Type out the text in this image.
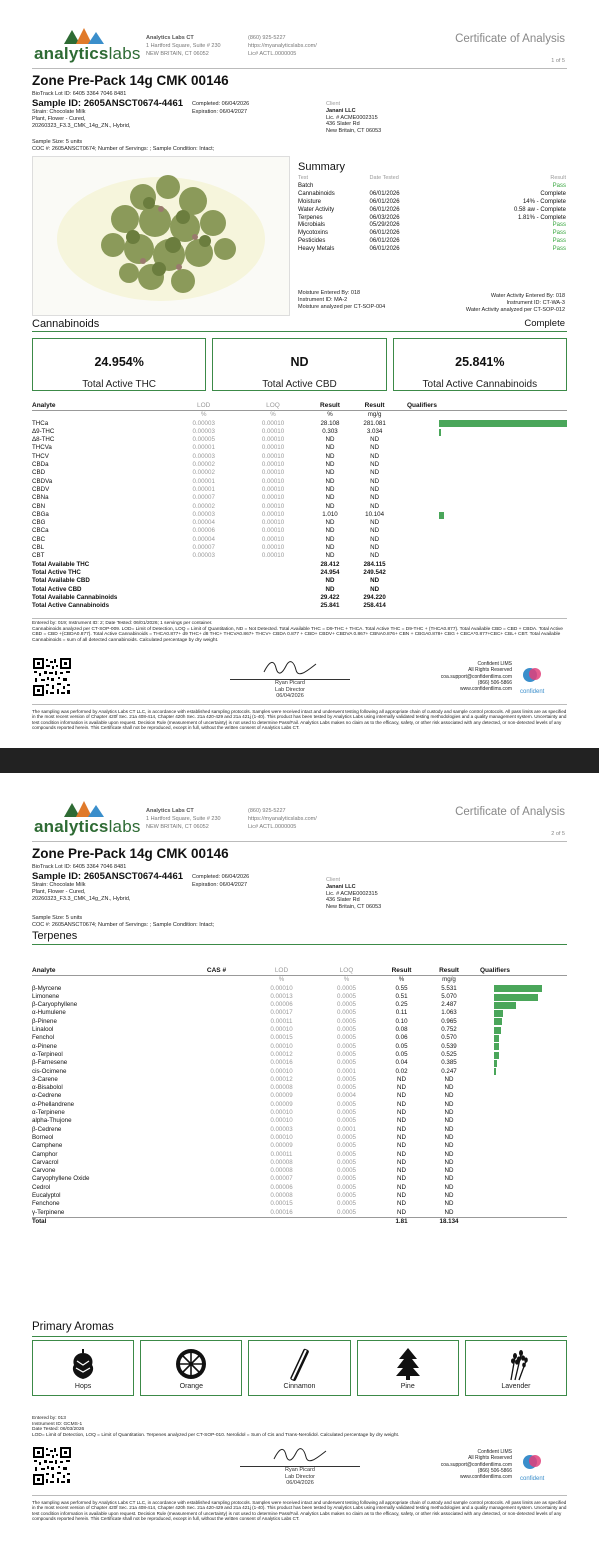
analyticslabs
Analytics Labs CT
1 Hartford Square, Suite # 230
NEW BRITAIN, CT 06052
(860) 925-5227
https://myanalyticslabs.com/
Lic# ACTL.0000005
Certificate of Analysis
1 of 5
Zone Pre-Pack 14g CMK 00146
BioTrack Lot ID: 6405 3364 7046 8481
Sample ID: 2605ANSCT0674-4461 Completed: 06/04/2026
Expiration: 06/04/2027
Strain: Chocolate Milk
Plant, Flower - Cured,
20260323_F3.3_CMK_14g_ZN., Hybrid,
Client
Janani LLC
Lic. # ACME0002315
436 Slater Rd
New Britain, CT 06053
Sample Size: 5 units
COC #: 2605ANSCT0674; Number of Servings: ; Sample Condition: Intact;
Summary
Test	Date Tested	Result
Batch		Pass
Cannabinoids	06/01/2026	Complete
Moisture	06/01/2026	14% - Complete
Water Activity	06/01/2026	0.58 aw - Complete
Terpenes	06/03/2026	1.81% - Complete
Microbials	05/29/2026	Pass
Mycotoxins	06/01/2026	Pass
Pesticides	06/01/2026	Pass
Heavy Metals	06/01/2026	Pass
Moisture Entered By: 018
Instrument ID: MA-2
Moisture analyzed per CT-SOP-004
Water Activity Entered By: 018
Instrument ID: CT-WA-3
Water Activity analyzed per CT-SOP-012
Cannabinoids	Complete
24.954%
Total Active THC
ND
Total Active CBD
25.841%
Total Active Cannabinoids
Analyte	LOD	LOQ	Result	Result	Qualifiers
	%	%	%	mg/g	
THCa	0.00003	0.00010	28.108	281.081	

Δ9-THC	0.00003	0.00010	0.303	3.034	

Δ8-THC	0.00005	0.00010	ND	ND	
THCVa	0.00001	0.00010	ND	ND	
THCV	0.00003	0.00010	ND	ND	
CBDa	0.00002	0.00010	ND	ND	
CBD	0.00002	0.00010	ND	ND	
CBDVa	0.00001	0.00010	ND	ND	
CBDV	0.00001	0.00010	ND	ND	
CBNa	0.00007	0.00010	ND	ND	
CBN	0.00002	0.00010	ND	ND	
CBGa	0.00003	0.00010	1.010	10.104	

CBG	0.00004	0.00010	ND	ND	
CBCa	0.00006	0.00010	ND	ND	
CBC	0.00004	0.00010	ND	ND	
CBL	0.00007	0.00010	ND	ND	
CBT	0.00003	0.00010	ND	ND	
Total Available THC			28.412	284.115	
Total Active THC			24.954	249.542	
Total Available CBD			ND	ND	
Total Active CBD			ND	ND	
Total Available Cannabinoids			29.422	294.220	
Total Active Cannabinoids			25.841	258.414	
Entered by: 019; Instrument ID: 2; Date Tested: 06/01/2026; 1 servings per container.
Cannabinoids analyzed per CT-SOP-009. LOD= Limit of Detection, LOQ = Limit of Quantitation, ND = Not Detected. Total Available THC = D9-THC + THCA. Total Active THC = D9-THC + (THCA0.877). Total Available CBD = CBD + CBDA. Total Active CBD = CBD +(CBDA0.877). Total Active Cannabinoids = THCA0.877+ d9 THC+ d8 THC+ THCVA0.867+ THCV+ CBDA 0.877 + CBD+ CBDV+ CBDVA 0.867+ CBNA0.876+ CBN + CBGA0.878+ CBG + CBCA*0.877+CBC+ CBL+ CBT. Total Available Cannabinoids = sum of all detected cannabinoids. Calculated percentage by dry weight.
Ryan Picard
Lab Director
06/04/2026
Confident LIMS
All Rights Reserved
coa.support@confidentlims.com
(866) 506-5866
www.confidentlims.com confident
The sampling was performed by Analytics Labs CT LLC, in accordance with established sampling protocols. Samples were received intact and underwent testing following all appropriate chain of custody and sample control protocols. All pass limits are as specified in the most recent version of Chapter 420f Sec. 21a 408-414, Chapter 420h Sec. 21a 420-429 and 21a 421j (1-40). This product has been tested by Analytics Labs using internally validated testing methodologies and a quality management system. Uncertainty and test condition information is available upon request. Decision Rule (measurement of uncertainty) is not used to determine Pass/Fail. Analytics Labs makes no claim as to the efficacy, safety, or other risk associated with any detected, or non-detected levels of any compounds reported herein. This Certificate shall not be reproduced, except in full, without the written consent of Analytics Labs CT.
analyticslabs
Analytics Labs CT
1 Hartford Square, Suite # 230
NEW BRITAIN, CT 06052
(860) 925-5227
https://myanalyticslabs.com/
Lic# ACTL.0000005
Certificate of Analysis
2 of 5
Zone Pre-Pack 14g CMK 00146
BioTrack Lot ID: 6405 3364 7046 8481
Sample ID: 2605ANSCT0674-4461 Completed: 06/04/2026
Expiration: 06/04/2027
Strain: Chocolate Milk
Plant, Flower - Cured,
20260323_F3.3_CMK_14g_ZN., Hybrid,
Client
Janani LLC
Lic. # ACME0002315
436 Slater Rd
New Britain, CT 06053
Sample Size: 5 units
COC #: 2605ANSCT0674; Number of Servings: ; Sample Condition: Intact;
Terpenes
Analyte	CAS #	LOD	LOQ	Result	Result	Qualifiers
		%	%	%	mg/g	
β-Myrcene		0.00010	0.0005	0.55	5.531	

Limonene		0.00013	0.0005	0.51	5.070	

β-Caryophyllene		0.00006	0.0005	0.25	2.487	

α-Humulene		0.00017	0.0005	0.11	1.063	

β-Pinene		0.00011	0.0005	0.10	0.965	

Linalool		0.00010	0.0005	0.08	0.752	

Fenchol		0.00015	0.0005	0.06	0.570	

α-Pinene		0.00010	0.0005	0.05	0.539	

α-Terpineol		0.00012	0.0005	0.05	0.525	

β-Farnesene		0.00016	0.0005	0.04	0.385	

cis-Ocimene		0.00010	0.0001	0.02	0.247	

3-Carene		0.00012	0.0005	ND	ND	
α-Bisabolol		0.00008	0.0005	ND	ND	
α-Cedrene		0.00009	0.0004	ND	ND	
α-Phellandrene		0.00009	0.0005	ND	ND	
α-Terpinene		0.00010	0.0005	ND	ND	
alpha-Thujone		0.00010	0.0005	ND	ND	
β-Cedrene		0.00003	0.0001	ND	ND	
Borneol		0.00010	0.0005	ND	ND	
Camphene		0.00009	0.0005	ND	ND	
Camphor		0.00011	0.0005	ND	ND	
Carvacrol		0.00008	0.0005	ND	ND	
Carvone		0.00008	0.0005	ND	ND	
Caryophyllene Oxide		0.00007	0.0005	ND	ND	
Cedrol		0.00006	0.0005	ND	ND	
Eucalyptol		0.00008	0.0005	ND	ND	
Fenchone		0.00015	0.0005	ND	ND	
γ-Terpinene		0.00016	0.0005	ND	ND	
Total				1.81	18.134	
Primary Aromas
Hops	Orange	Cinnamon	Pine	Lavender
Entered by: 013
Instrument ID: GCMS-1
Date Tested: 06/03/2026
LOD= Limit of Detection, LOQ = Limit of Quantitation. Terpenes analyzed per CT-SOP-010. Nerolidol = Sum of Cis and Trans-Nerolidol. Calculated percentage by dry weight.
Ryan Picard
Lab Director
06/04/2026
Confident LIMS
All Rights Reserved
coa.support@confidentlims.com
(866) 506-5866
www.confidentlims.com confident
The sampling was performed by Analytics Labs CT LLC, in accordance with established sampling protocols. Samples were received intact and underwent testing following all appropriate chain of custody and sample control protocols. All pass limits are as specified in the most recent version of Chapter 420f Sec. 21a 408-414, Chapter 420h Sec. 21a 420-429 and 21a 421j (1-40). This product has been tested by Analytics Labs using internally validated testing methodologies and a quality management system. Uncertainty and test condition information is available upon request. Decision Rule (measurement of uncertainty) is not used to determine Pass/Fail. Analytics Labs makes no claim as to the efficacy, safety, or other risk associated with any detected, or non-detected levels of any compounds reported herein. This Certificate shall not be reproduced, except in full, without the written consent of Analytics Labs CT.
